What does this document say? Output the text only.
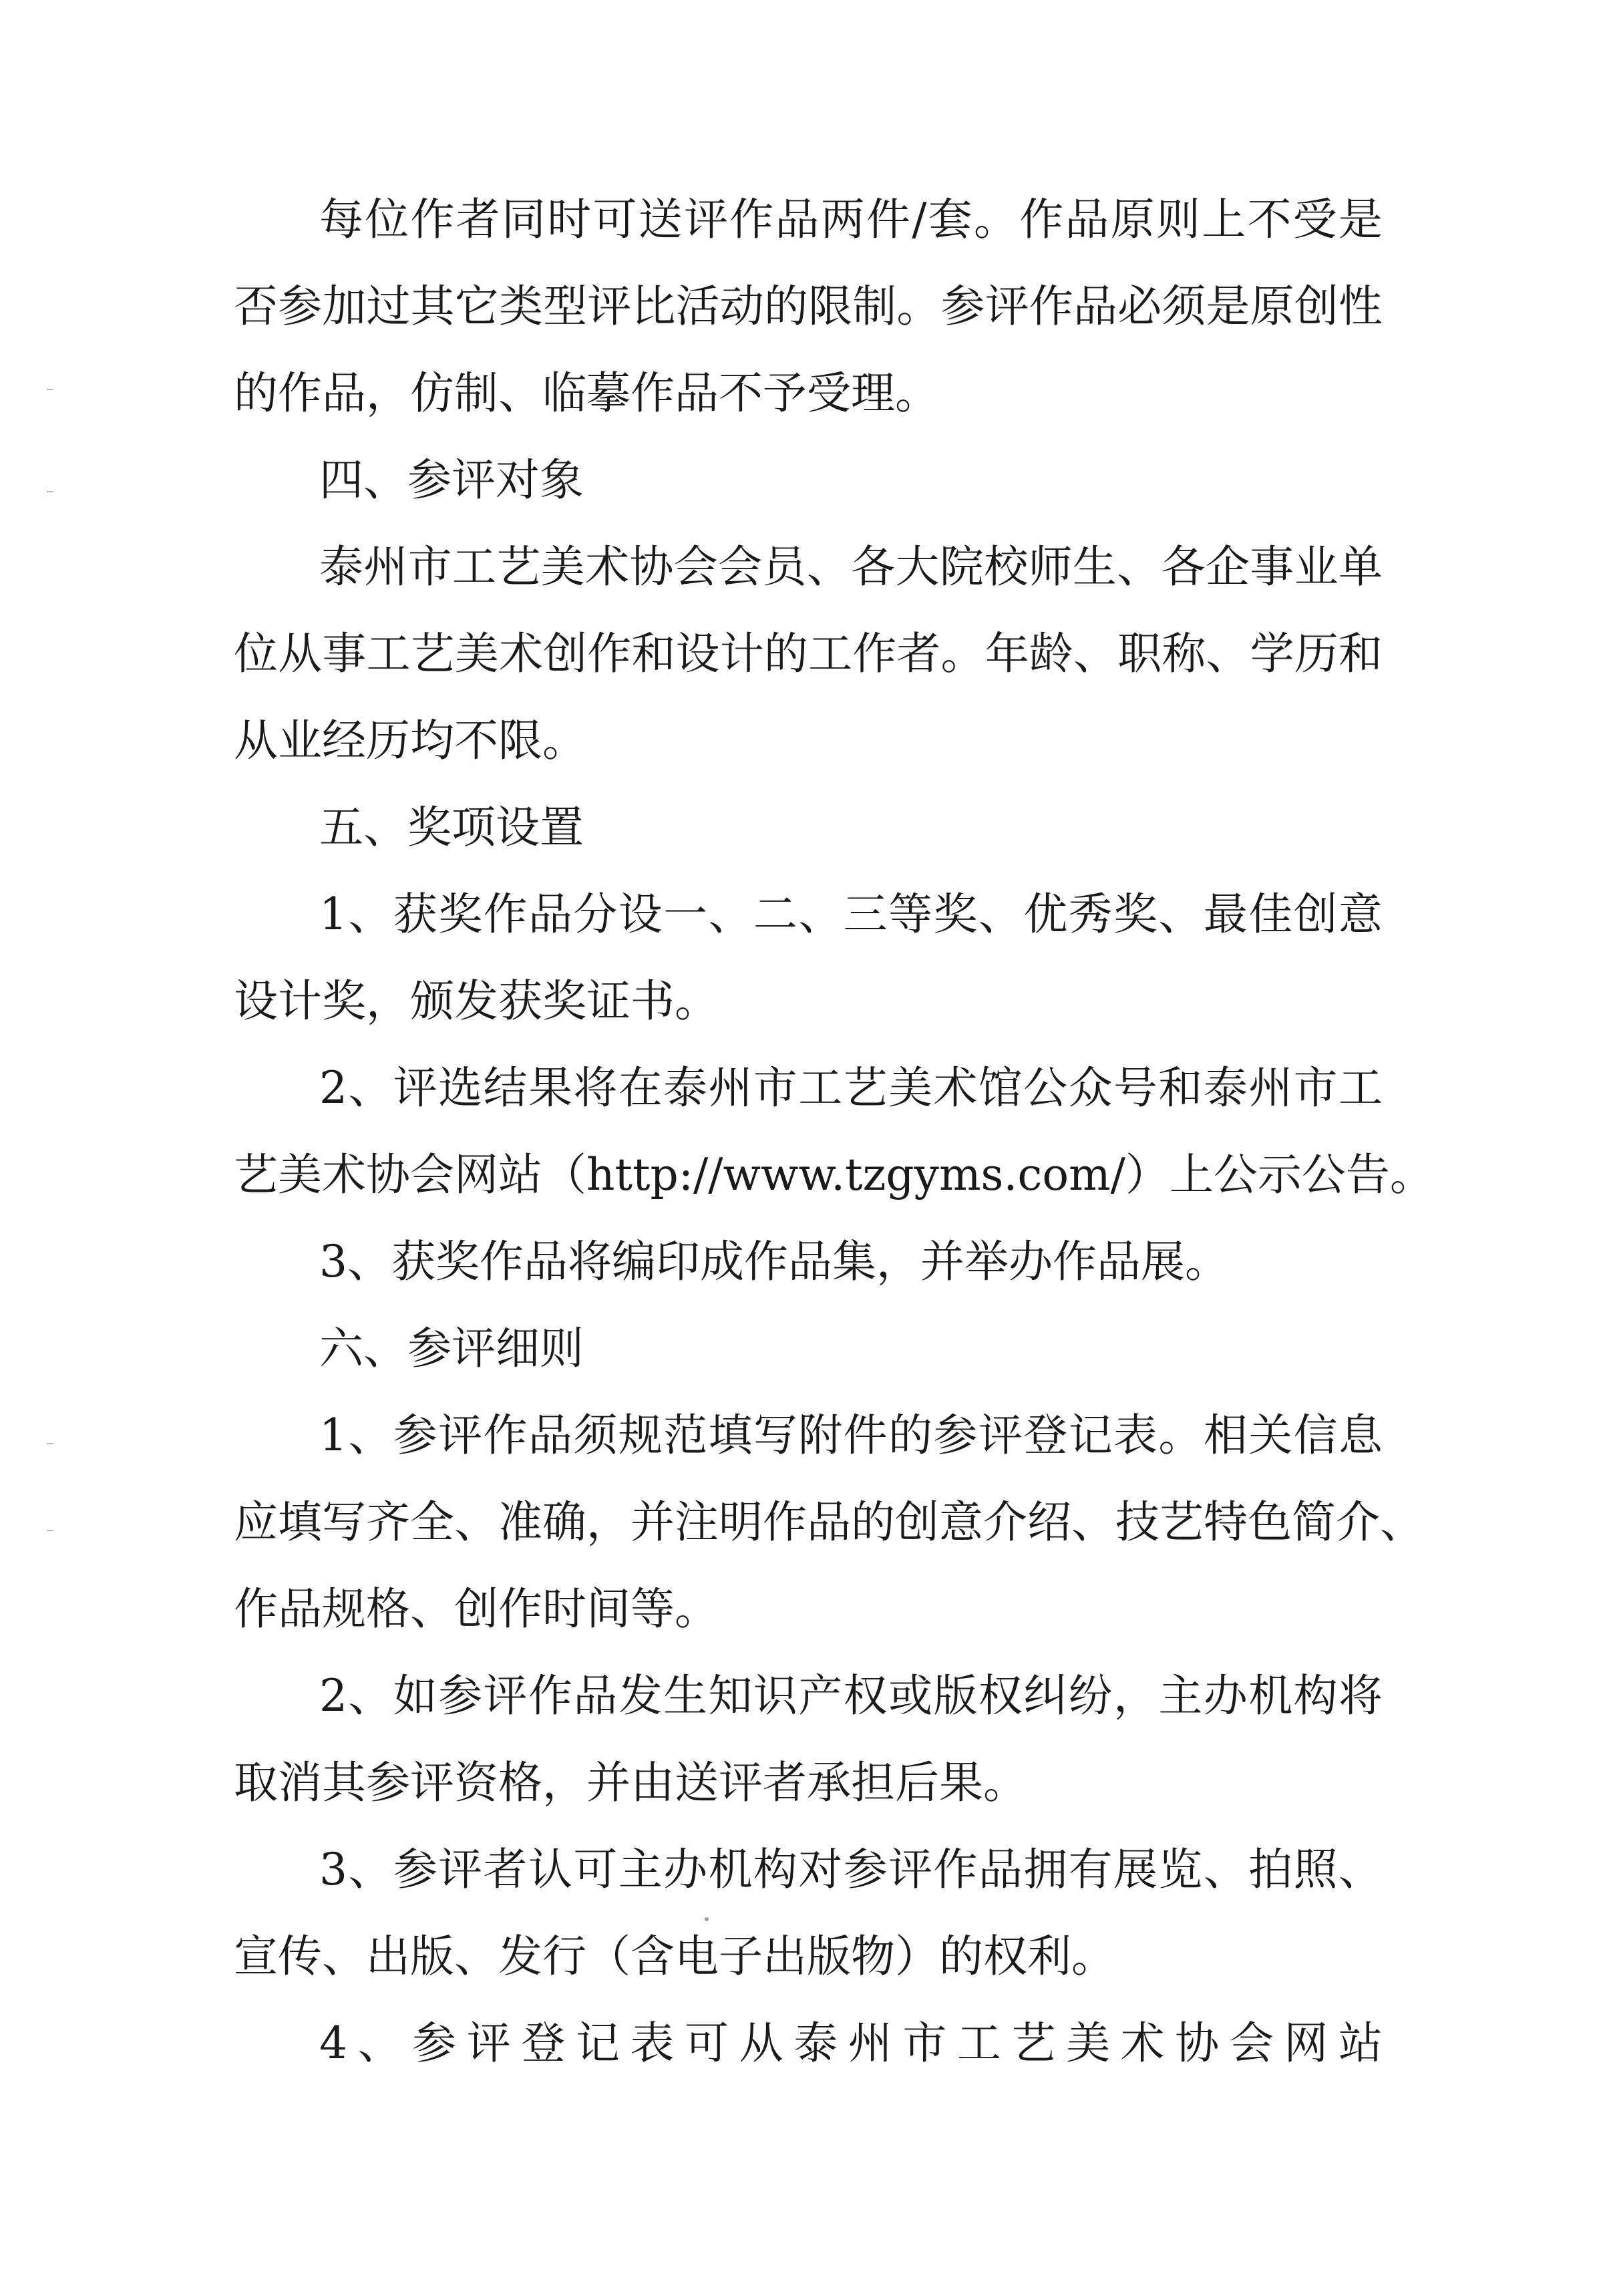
每位作者同时可送评作品两件/套。作品原则上不受是
否参加过其它类型评比活动的限制。参评作品必须是原创性
的作品，仿制、临摹作品不予受理。
四、参评对象
泰州市工艺美术协会会员、各大院校师生、各企事业单
位从事工艺美术创作和设计的工作者。年龄、职称、学历和
从业经历均不限。
五、奖项设置
1、获奖作品分设一、二、三等奖、优秀奖、最佳创意
设计奖，颁发获奖证书。
2、评选结果将在泰州市工艺美术馆公众号和泰州市工
艺美术协会网站（http://www.tzgyms.com/）上公示公告。
3、获奖作品将编印成作品集，并举办作品展。
六、参评细则
1、参评作品须规范填写附件的参评登记表。相关信息
应填写齐全、准确，并注明作品的创意介绍、技艺特色简介、
作品规格、创作时间等。
2、如参评作品发生知识产权或版权纠纷，主办机构将
取消其参评资格，并由送评者承担后果。
3、参评者认可主办机构对参评作品拥有展览、拍照、
宣传、出版、发行（含电子出版物）的权利。
4、参评登记表可从泰州市工艺美术协会网站
